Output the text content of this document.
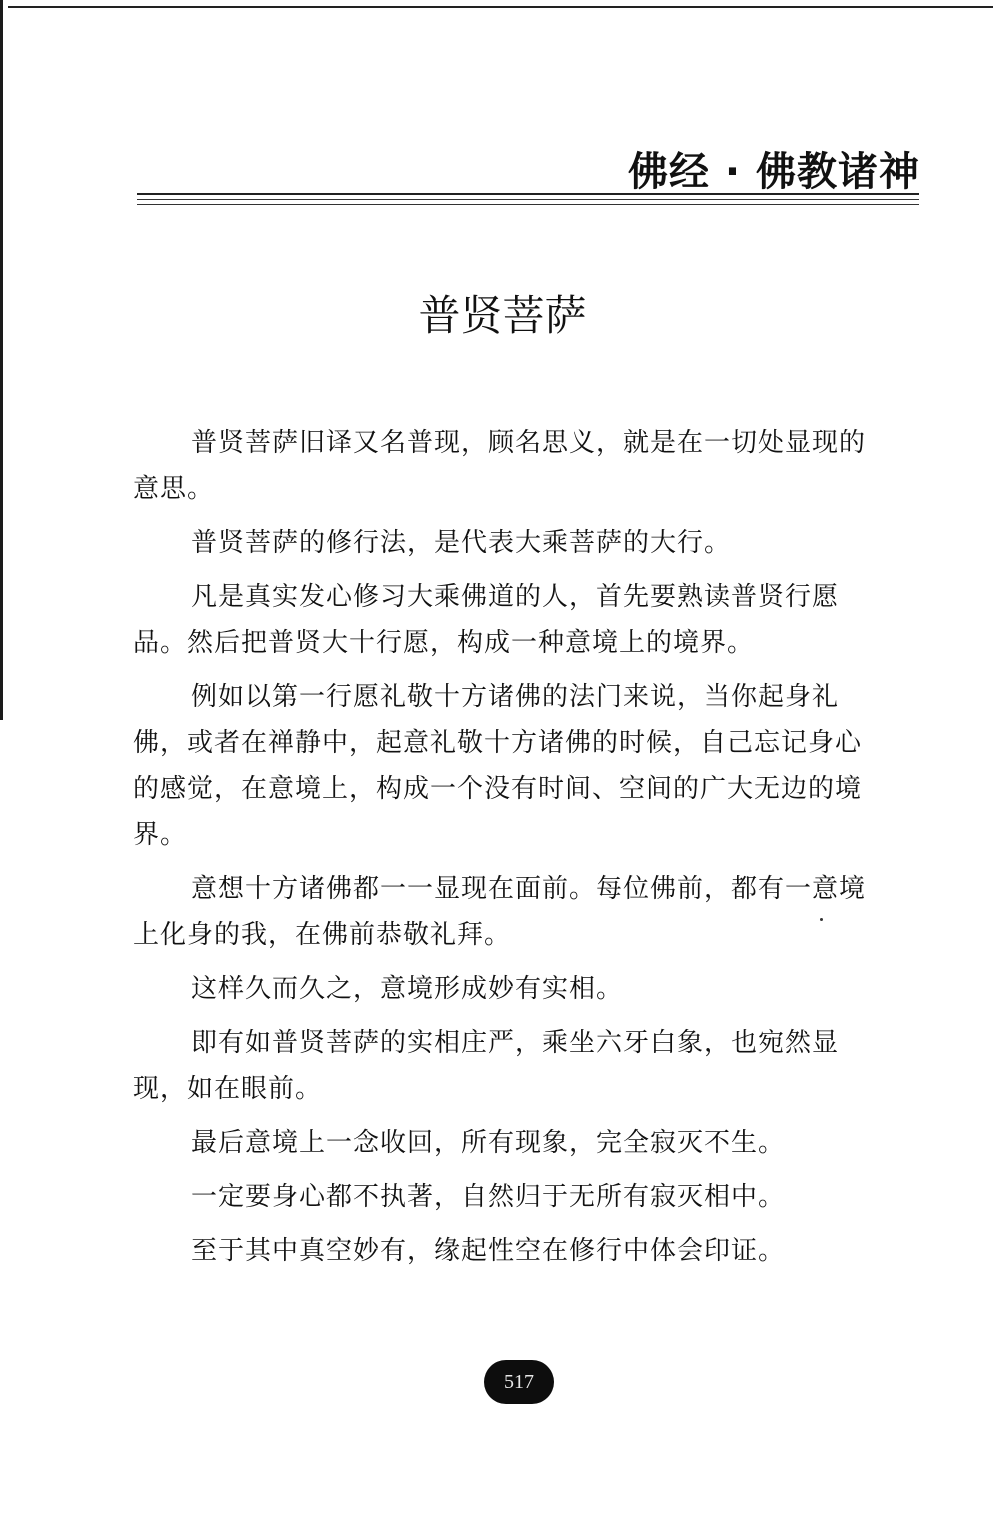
佛经 · 佛教诸神
普贤菩萨

普贤菩萨旧译又名普现，顾名思义，就是在一切处显现的意思。

普贤菩萨的修行法，是代表大乘菩萨的大行。

凡是真实发心修习大乘佛道的人，首先要熟读普贤行愿品。然后把普贤大十行愿，构成一种意境上的境界。

例如以第一行愿礼敬十方诸佛的法门来说，当你起身礼佛，或者在禅静中，起意礼敬十方诸佛的时候，自己忘记身心的感觉，在意境上，构成一个没有时间、空间的广大无边的境界。

意想十方诸佛都一一显现在面前。每位佛前，都有一意境上化身的我，在佛前恭敬礼拜。

这样久而久之，意境形成妙有实相。

即有如普贤菩萨的实相庄严，乘坐六牙白象，也宛然显现，如在眼前。

最后意境上一念收回，所有现象，完全寂灭不生。

一定要身心都不执著，自然归于无所有寂灭相中。

至于其中真空妙有，缘起性空在修行中体会印证。

517
